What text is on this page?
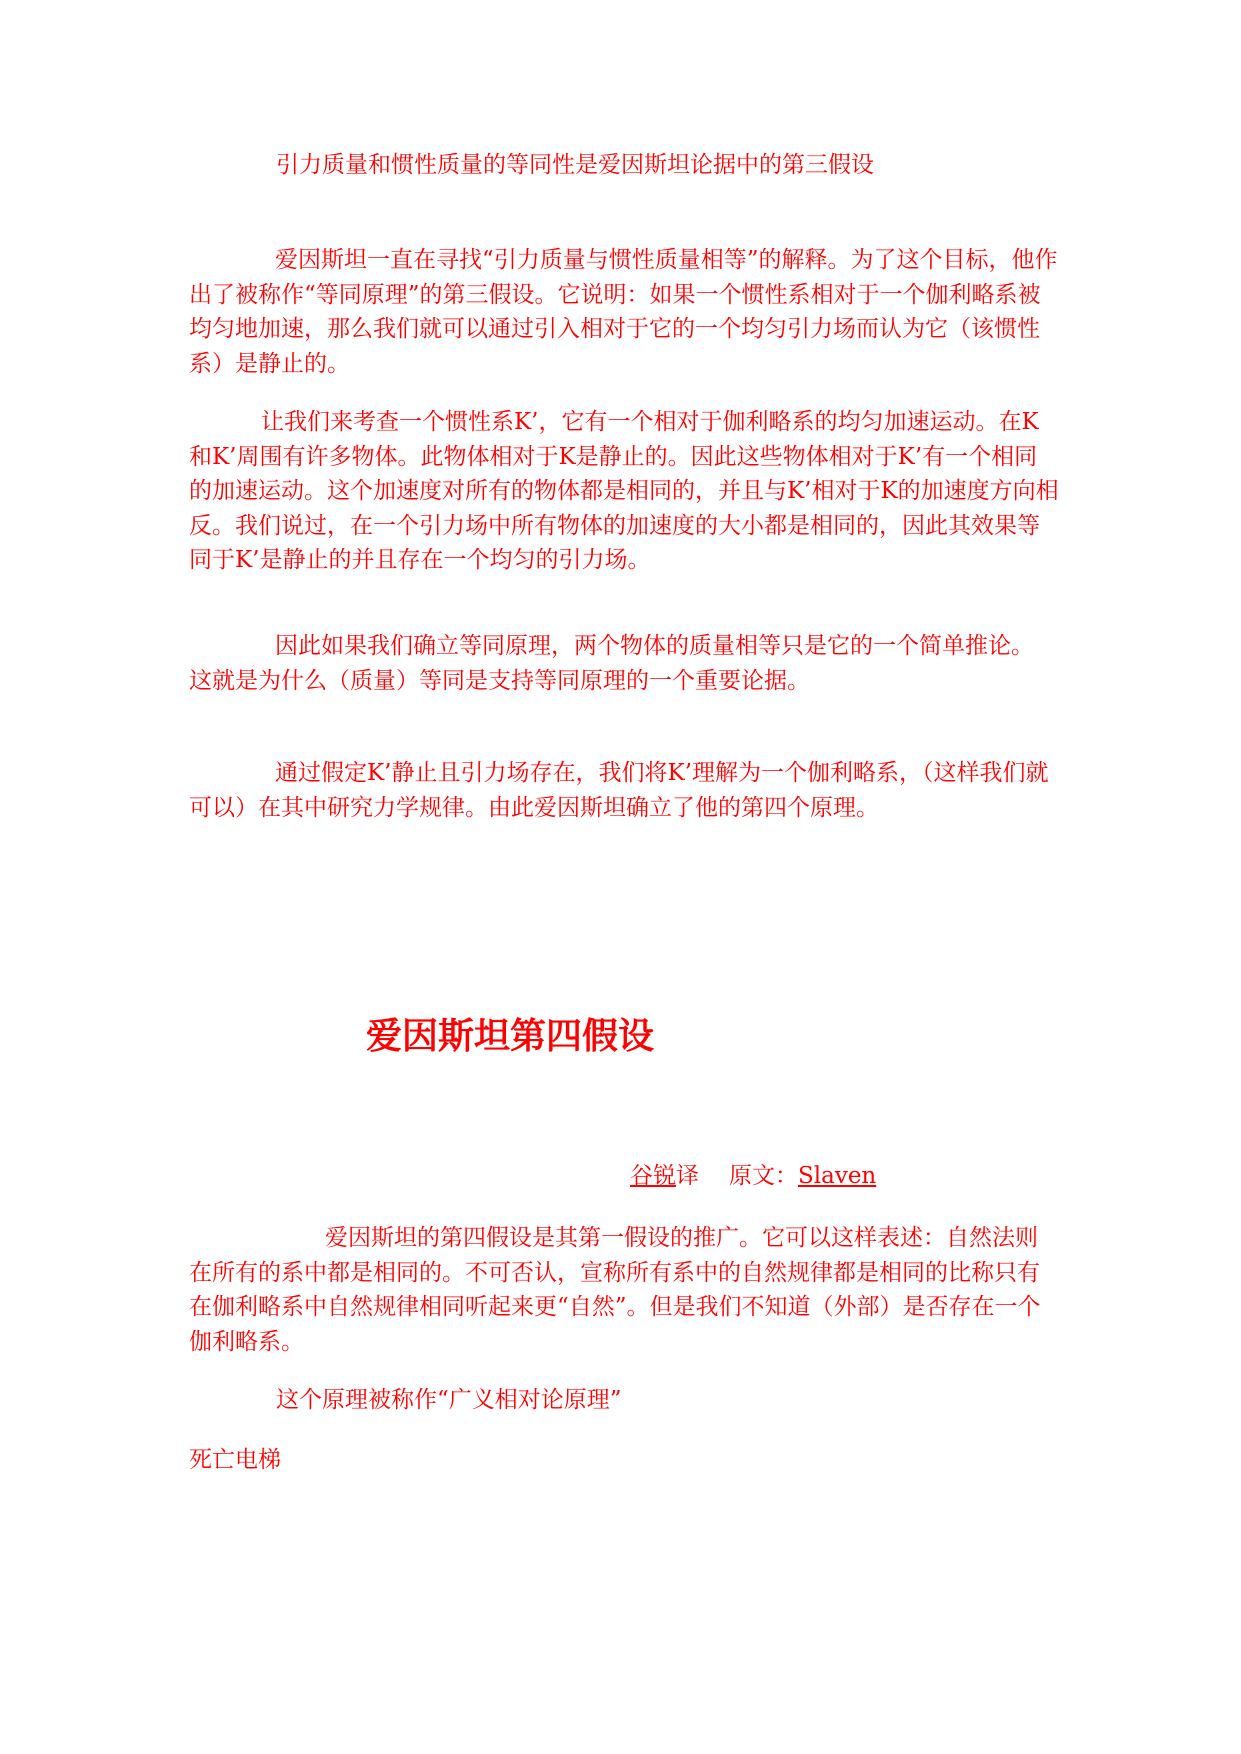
引力质量和惯性质量的等同性是爱因斯坦论据中的第三假设

爱因斯坦一直在寻找“引力质量与惯性质量相等”的解释。为了这个目标，他作出了被称作“等同原理”的第三假设。它说明：如果一个惯性系相对于一个伽利略系被均匀地加速，那么我们就可以通过引入相对于它的一个均匀引力场而认为它（该惯性系）是静止的。

让我们来考查一个惯性系K’，它有一个相对于伽利略系的均匀加速运动。在K 和K’周围有许多物体。此物体相对于K是静止的。因此这些物体相对于K’有一个相同的加速运动。这个加速度对所有的物体都是相同的，并且与K’相对于K的加速度方向相反。我们说过，在一个引力场中所有物体的加速度的大小都是相同的，因此其效果等同于K’是静止的并且存在一个均匀的引力场。

因此如果我们确立等同原理，两个物体的质量相等只是它的一个简单推论。 这就是为什么（质量）等同是支持等同原理的一个重要论据。

通过假定K’静止且引力场存在，我们将K’理解为一个伽利略系，（这样我们就可以）在其中研究力学规律。由此爱因斯坦确立了他的第四个原理。

爱因斯坦第四假设
谷锐译 原文：Slaven

爱因斯坦的第四假设是其第一假设的推广。它可以这样表述：自然法则在所有的系中都是相同的。不可否认，宣称所有系中的自然规律都是相同的比称只有在伽利略系中自然规律相同听起来更“自然”。但是我们不知道（外部）是否存在一个伽利略系。

这个原理被称作“广义相对论原理”

死亡电梯
